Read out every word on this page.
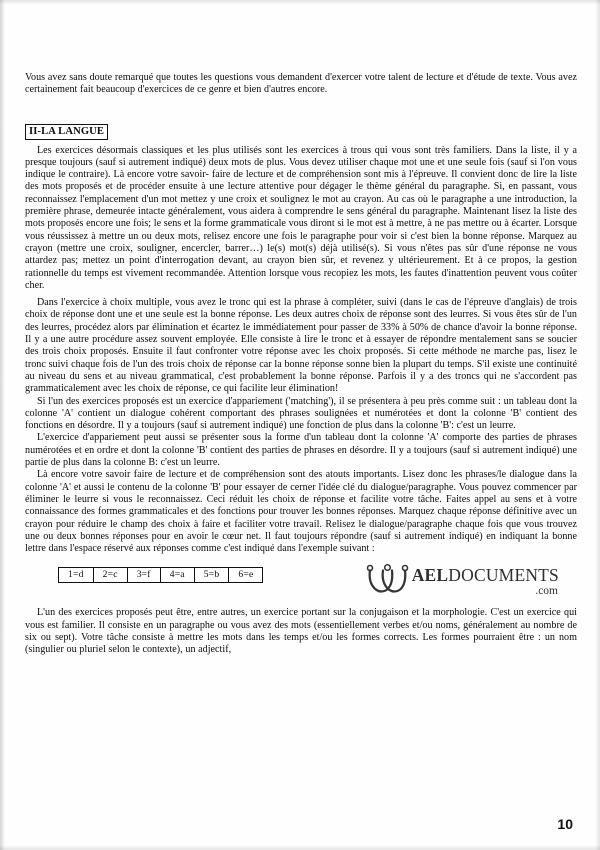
Vous avez sans doute remarqué que toutes les questions vous demandent d'exercer votre talent de lecture et d'étude de texte. Vous avez certainement fait beaucoup d'exercices de ce genre et bien d'autres encore.

II-LA LANGUE

Les exercices désormais classiques et les plus utilisés sont les exercices à trous qui vous sont très familiers. Dans la liste, il y a presque toujours (sauf si autrement indiqué) deux mots de plus. Vous devez utiliser chaque mot une et une seule fois (sauf si l'on vous indique le contraire). Là encore votre savoir- faire de lecture et de compréhension sont mis à l'épreuve. Il convient donc de lire la liste des mots proposés et de procéder ensuite à une lecture attentive pour dégager le thème général du paragraphe. Si, en passant, vous reconnaissez l'emplacement d'un mot mettez y une croix et soulignez le mot au crayon. Au cas où le paragraphe a une introduction, la première phrase, demeurée intacte généralement, vous aidera à comprendre le sens général du paragraphe. Maintenant lisez la liste des mots proposés encore une fois; le sens et la forme grammaticale vous diront si le mot est à mettre, à ne pas mettre ou à écarter. Lorsque vous réussissez à mettre un ou deux mots, relisez encore une fois le paragraphe pour voir si c'est bien la bonne réponse. Marquez au crayon (mettre une croix, souligner, encercler, barrer…) le(s) mot(s) déjà utilisé(s). Si vous n'êtes pas sûr d'une réponse ne vous attardez pas; mettez un point d'interrogation devant, au crayon bien sûr, et revenez y ultérieurement. Et à ce propos, la gestion rationnelle du temps est vivement recommandée. Attention lorsque vous recopiez les mots, les fautes d'inattention peuvent vous coûter cher.

Dans l'exercice à choix multiple, vous avez le tronc qui est la phrase à compléter, suivi (dans le cas de l'épreuve d'anglais) de trois choix de réponse dont une et une seule est la bonne réponse. Les deux autres choix de réponse sont des leurres. Si vous êtes sûr de l'un des leurres, procédez alors par élimination et écartez le immédiatement pour passer de 33% à 50% de chance d'avoir la bonne réponse. Il y a une autre procédure assez souvent employée. Elle consiste à lire le tronc et à essayer de répondre mentalement sans se soucier des trois choix proposés. Ensuite il faut confronter votre réponse avec les choix proposés. Si cette méthode ne marche pas, lisez le tronc suivi chaque fois de l'un des trois choix de réponse car la bonne réponse sonne bien la plupart du temps. S'il existe une continuité au niveau du sens et au niveau grammatical, c'est probablement la bonne réponse. Parfois il y a des troncs qui ne s'accordent pas grammaticalement avec les choix de réponse, ce qui facilite leur élimination!

Si l'un des exercices proposés est un exercice d'appariement ('matching'), il se présentera à peu près comme suit : un tableau dont la colonne 'A' contient un dialogue cohérent comportant des phrases soulignées et numérotées et dont la colonne 'B' contient des fonctions en désordre. Il y a toujours (sauf si autrement indiqué) une fonction de plus dans la colonne 'B': c'est un leurre.

L'exercice d'appariement peut aussi se présenter sous la forme d'un tableau dont la colonne 'A' comporte des parties de phrases numérotées et en ordre et dont la colonne 'B' contient des parties de phrases en désordre. Il y a toujours (sauf si autrement indiqué) une partie de plus dans la colonne B: c'est un leurre.

Là encore votre savoir faire de lecture et de compréhension sont des atouts importants. Lisez donc les phrases/le dialogue dans la colonne 'A' et aussi le contenu de la colonne 'B' pour essayer de cerner l'idée clé du dialogue/paragraphe. Vous pouvez commencer par éliminer le leurre si vous le reconnaissez. Ceci réduit les choix de réponse et facilite votre tâche. Faites appel au sens et à votre connaissance des formes grammaticales et des fonctions pour trouver les bonnes réponses. Marquez chaque réponse définitive avec un crayon pour réduire le champ des choix à faire et faciliter votre travail. Relisez le dialogue/paragraphe chaque fois que vous trouvez une ou deux bonnes réponses pour en avoir le cœur net. Il faut toujours répondre (sauf si autrement indiqué) en indiquant la bonne lettre dans l'espace réservé aux réponses comme c'est indiqué dans l'exemple suivant :

1=d	2=c	3=f	4=a	5=b	6=e	AELDOCUMENTS
.com

L'un des exercices proposés peut être, entre autres, un exercice portant sur la conjugaison et la morphologie. C'est un exercice qui vous est familier. Il consiste en un paragraphe ou vous avez des mots (essentiellement verbes et/ou noms, généralement au nombre de six ou sept). Votre tâche consiste à mettre les mots dans les temps et/ou les formes corrects. Les formes pourraient être : un nom (singulier ou pluriel selon le contexte), un adjectif,

10
